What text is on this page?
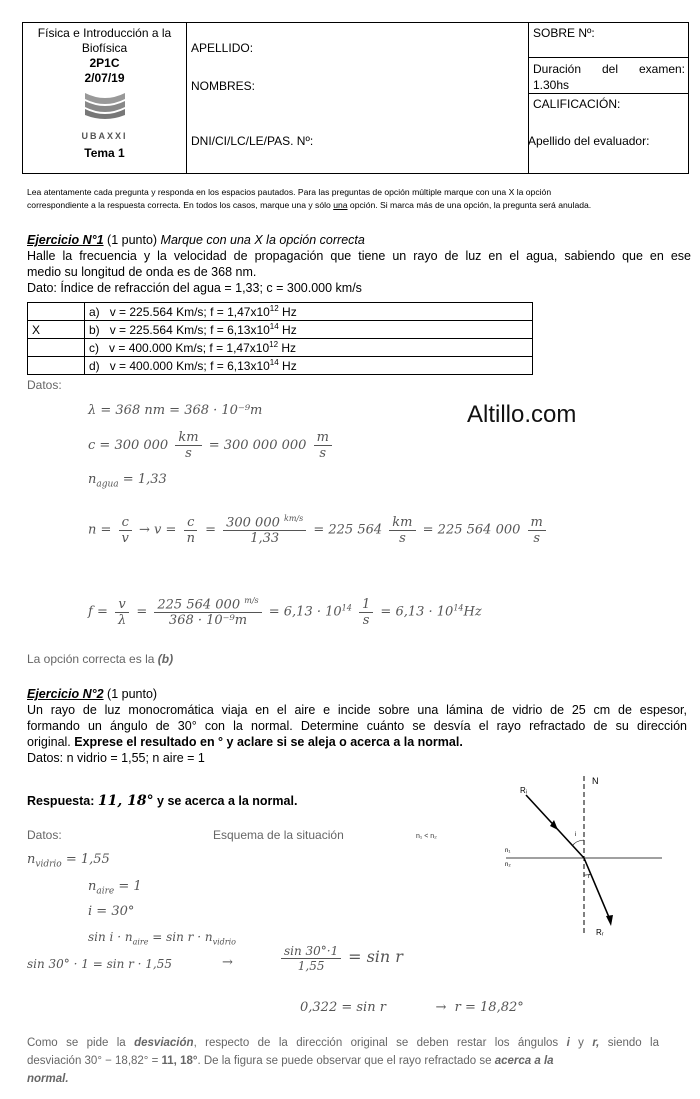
Física e Introducción a la
Biofísica
2P1C
2/07/19
UBAXXI
Tema 1
APELLIDO:
NOMBRES:
DNI/CI/LC/LE/PAS. Nº:
SOBRE Nº:
Duración del examen:
1.30hs
CALIFICACIÓN:
Apellido del evaluador:
Lea atentamente cada pregunta y responda en los espacios pautados. Para las preguntas de opción múltiple marque con una X la opción
correspondiente a la respuesta correcta. En todos los casos, marque una y sólo una opción. Si marca más de una opción, la pregunta será anulada.
Ejercicio N°1 (1 punto) Marque con una X la opción correcta
Halle la frecuencia y la velocidad de propagación que tiene un rayo de luz en el agua, sabiendo que en ese
medio su longitud de onda es de 368 nm.
Dato: Índice de refracción del agua = 1,33; c = 300.000 km/s
	a) v = 225.564 Km/s; $f = 1,47x10^{12}$ Hz
X	b) v = 225.564 Km/s; $f = 6,13x10^{14}$ Hz
	c) v = 400.000 Km/s; $f = 1,47x10^{12}$ Hz
	d) v = 400.000 Km/s; $f = 6,13x10^{14}$ Hz
Datos:
Altillo.com
λ = 368 nm = 368 · 10⁻⁹m
c = 300 $000 \frac{km}{s} = 300$ 000 $000 \frac{m}{s}$
$n_{agua} = 1,33$
$n = \frac{c}{v} \to v = \frac{c}{n} = \frac{300 000 ^{km/s}}{1,33} = 225$ $564 \frac{km}{s} = 225$ 564 $000 \frac{m}{s}$
$f = \frac{v}{\lambda} = \frac{225 564 000 ^{m/s}}{\text{368 · 10⁻⁹m}} = 6,13 \cdot 10^{14} \frac{1}{s} = 6,13 \cdot 10^{14}Hz$
La opción correcta es la (b)
Ejercicio N°2 (1 punto)
Un rayo de luz monocromática viaja en el aire e incide sobre una lámina de vidrio de 25 cm de espesor,
formando un ángulo de 30° con la normal. Determine cuánto se desvía el rayo refractado de su dirección
original. Exprese el resultado en ° y aclare si se aleja o acerca a la normal.
Datos: n vidrio = 1,55; n aire = 1
Respuesta: 11, 18° y se acerca a la normal.
Datos:	Esquema de la situación	n₁ < n₂
$n_{vidrio} = 1,55$
$n_{aire} = 1$
i = 30°
$\sin i \cdot n_{aire} = \sin r \cdot n_{vidrio}$
sin 30° · 1 = sin r · 1,55	→	$\frac{\sin 30^\circ\cdot 1}{1,55} = \sin r$
0,322 = sin r            →  r = 18,82°
N
Rᵢ
Rᵣ
n₁
n₂
i
r
Como se pide la desviación, respecto de la dirección original se deben restar los ángulos i y r, siendo la
desviación 30° − 18,82° = 11, 18°. De la figura se puede observar que el rayo refractado se acerca a la
normal.
